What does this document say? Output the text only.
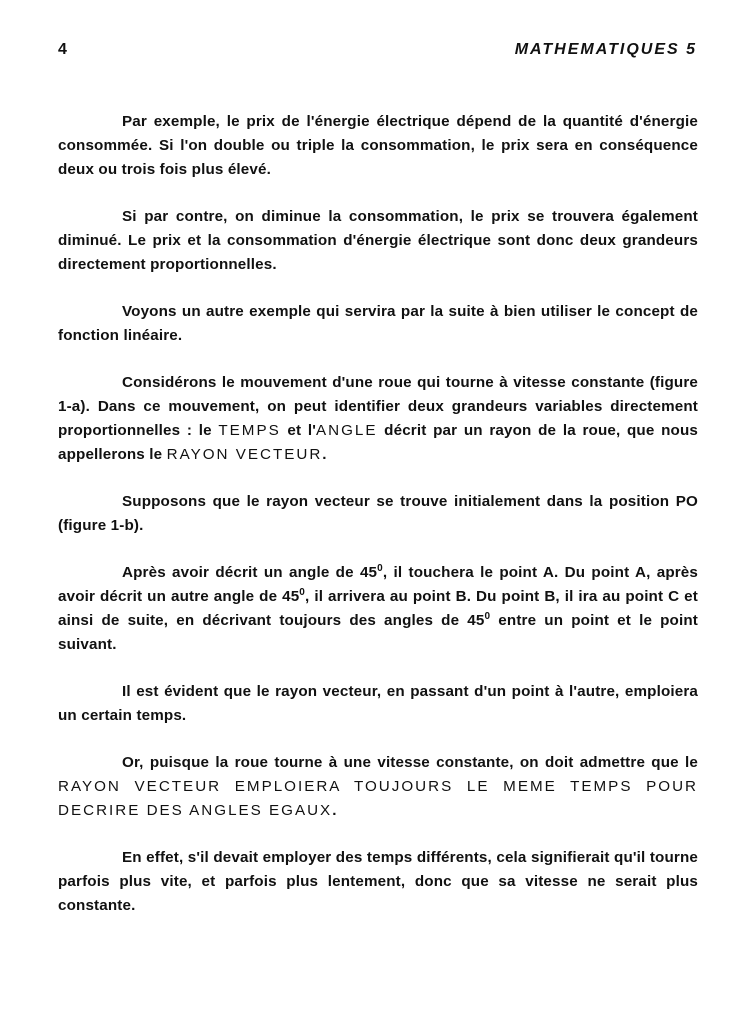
4	MATHEMATIQUES 5

Par exemple, le prix de l'énergie électrique dépend de la quantité d'énergie consommée. Si l'on double ou triple la consommation, le prix sera en conséquence deux ou trois fois plus élevé.

Si par contre, on diminue la consommation, le prix se trouvera également diminué. Le prix et la consommation d'énergie électrique sont donc deux grandeurs directement proportionnelles.

Voyons un autre exemple qui servira par la suite à bien utiliser le concept de fonction linéaire.

Considérons le mouvement d'une roue qui tourne à vitesse constante (figure 1-a). Dans ce mouvement, on peut identifier deux grandeurs variables directement proportionnelles : le TEMPS et l'ANGLE décrit par un rayon de la roue, que nous appellerons le RAYON VECTEUR.

Supposons que le rayon vecteur se trouve initialement dans la position PO (figure 1-b).

Après avoir décrit un angle de $45^0$, il touchera le point A. Du point A, après avoir décrit un autre angle de $45^0$, il arrivera au point B. Du point B, il ira au point C et ainsi de suite, en décrivant toujours des angles de $45^0$ entre un point et le point suivant.

Il est évident que le rayon vecteur, en passant d'un point à l'autre, emploiera un certain temps.

Or, puisque la roue tourne à une vitesse constante, on doit admettre que le RAYON VECTEUR EMPLOIERA TOUJOURS LE MEME TEMPS POUR DECRIRE DES ANGLES EGAUX.

En effet, s'il devait employer des temps différents, cela signifierait qu'il tourne parfois plus vite, et parfois plus lentement, donc que sa vitesse ne serait plus constante.
